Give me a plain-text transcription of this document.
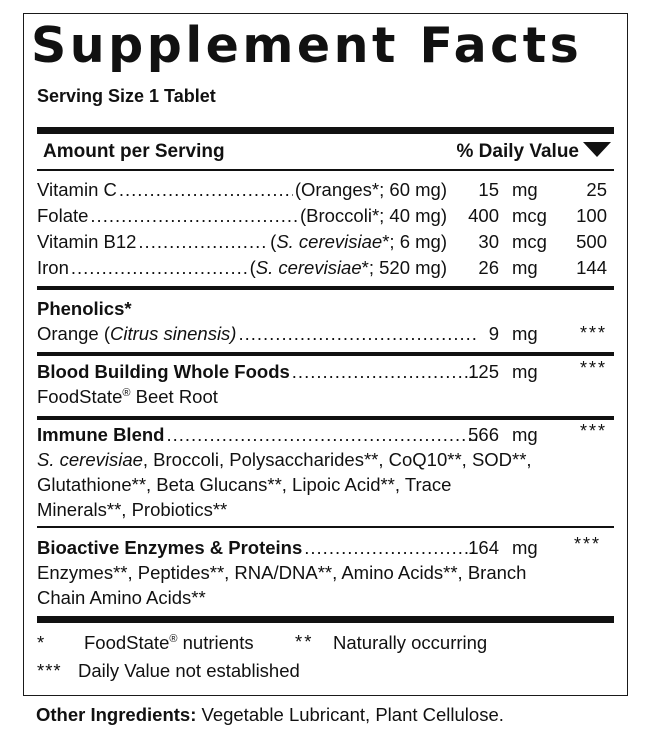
Supplement Facts
Serving Size 1 Tablet
Amount per Serving	% Daily Value
Vitamin C .....	(Oranges*; 60 mg)	15 mg	25
Folate .....	(Broccoli*; 40 mg)	400 mcg	100
Vitamin B12 .....	(S. cerevisiae*; 6 mg)	30 mcg	500
Iron .....	(S. cerevisiae*; 520 mg)	26 mg	144
Phenolics*
Orange (Citrus sinensis) .....	9 mg ***
Blood Building Whole Foods .....	125 mg ***
FoodState® Beet Root
Immune Blend .....	566 mg ***
S. cerevisiae, Broccoli, Polysaccharides**, CoQ10**, SOD**,
Glutathione**, Beta Glucans**, Lipoic Acid**, Trace
Minerals**, Probiotics**
Bioactive Enzymes & Proteins .....	164 mg ***
Enzymes**, Peptides**, RNA/DNA**, Amino Acids**, Branch
Chain Amino Acids**
* FoodState® nutrients ** Naturally occurring
*** Daily Value not established
Other Ingredients: Vegetable Lubricant, Plant Cellulose.
